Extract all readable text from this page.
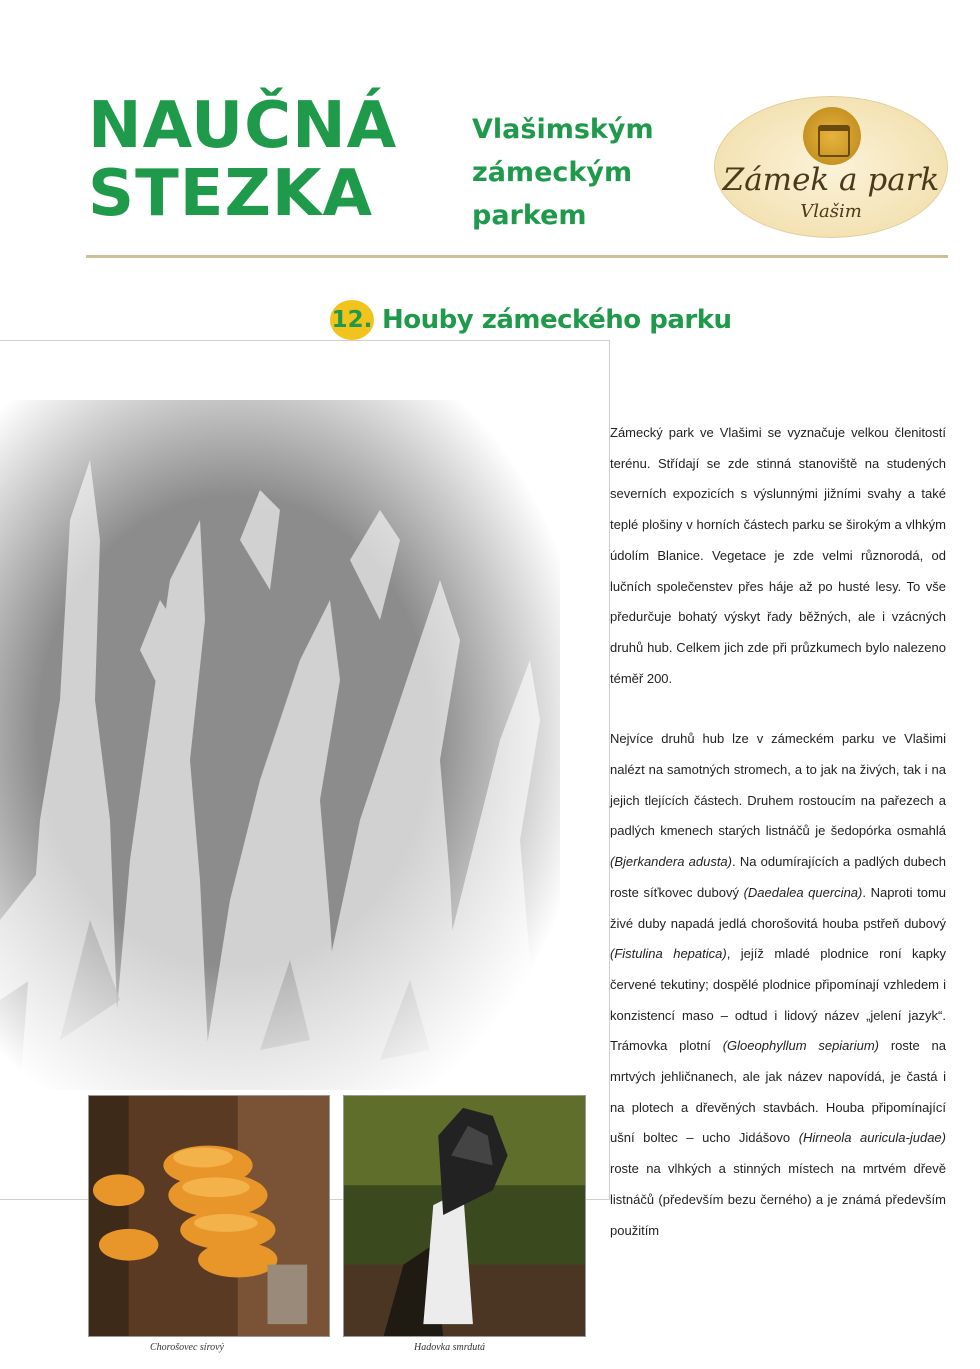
NAUČNÁ
STEZKA
Vlašimským
zámeckým
parkem
Zámek a park
Vlašim
12. Houby zámeckého parku
Chorošovec sírový	Hadovka smrdutá

Zámecký park ve Vlašimi se vyznačuje velkou členitostí terénu. Střídají se zde stinná stanoviště na studených severních expozicích s výslunnými jižními svahy a také teplé plošiny v horních částech parku se širokým a vlhkým údolím Blanice. Vegetace je zde velmi různorodá, od lučních společenstev přes háje až po husté lesy. To vše předurčuje bohatý výskyt řady běžných, ale i vzácných druhů hub. Celkem jich zde při průzkumech bylo nalezeno téměř 200.

Nejvíce druhů hub lze v zámeckém parku ve Vlašimi nalézt na samotných stromech, a to jak na živých, tak i na jejich tlejících částech. Druhem rostoucím na pařezech a padlých kmenech starých listnáčů je šedopórka osmahlá (Bjerkandera adusta). Na odumírajících a padlých dubech roste síťkovec dubový (Daedalea quercina). Naproti tomu živé duby napadá jedlá chorošovitá houba pstřeň dubový (Fistulina hepatica), jejíž mladé plodnice roní kapky červené tekutiny; dospělé plodnice připomínají vzhledem i konzistencí maso – odtud i lidový název „jelení jazyk“. Trámovka plotní (Gloeophyllum sepiarium) roste na mrtvých jehličnanech, ale jak název napovídá, je častá i na plotech a dřevěných stavbách. Houba připomínající ušní boltec – ucho Jidášovo (Hirneola auricula-judae) roste na vlhkých a stinných místech na mrtvém dřevě listnáčů (především bezu černého) a je známá především použitím
